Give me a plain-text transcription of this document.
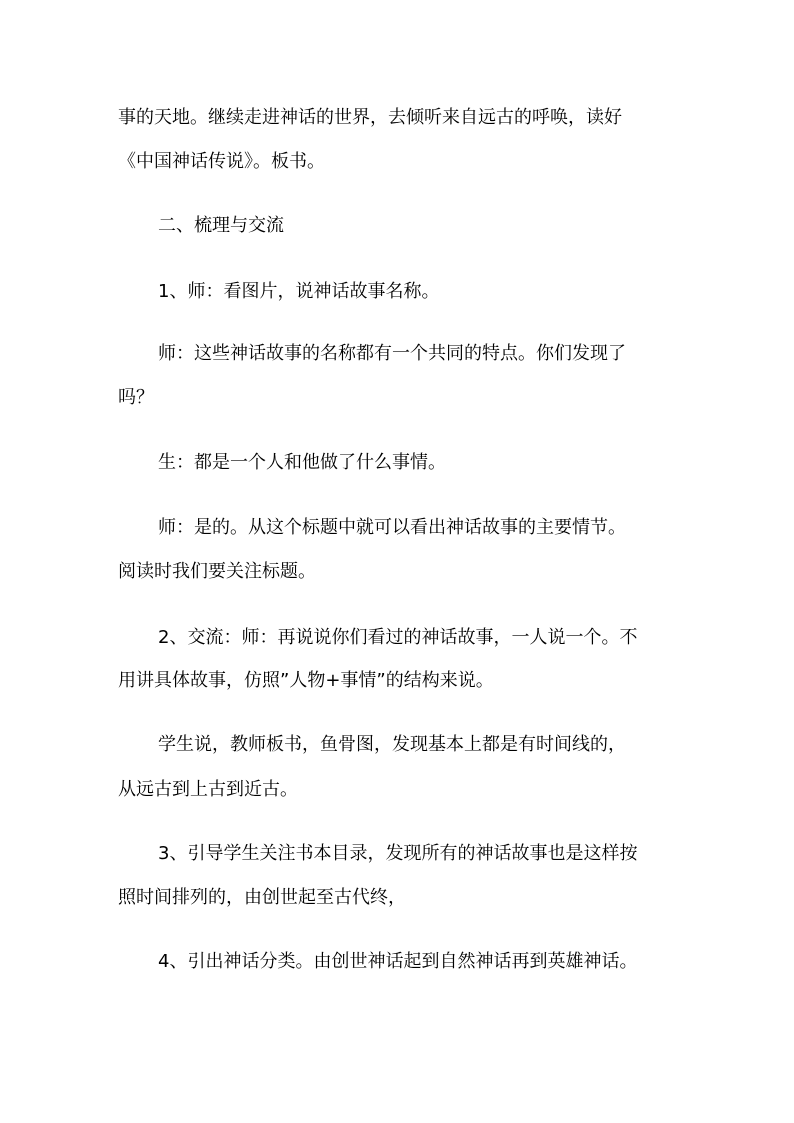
事的天地。继续走进神话的世界，去倾听来自远古的呼唤，读好
《中国神话传说》。板书。
二、梳理与交流
1、师：看图片，说神话故事名称。
师：这些神话故事的名称都有一个共同的特点。你们发现了
吗？
生：都是一个人和他做了什么事情。
师：是的。从这个标题中就可以看出神话故事的主要情节。
阅读时我们要关注标题。
2、交流：师：再说说你们看过的神话故事，一人说一个。不
用讲具体故事，仿照”人物+事情”的结构来说。
学生说，教师板书，鱼骨图，发现基本上都是有时间线的，
从远古到上古到近古。
3、引导学生关注书本目录，发现所有的神话故事也是这样按
照时间排列的，由创世起至古代终，
4、引出神话分类。由创世神话起到自然神话再到英雄神话。
